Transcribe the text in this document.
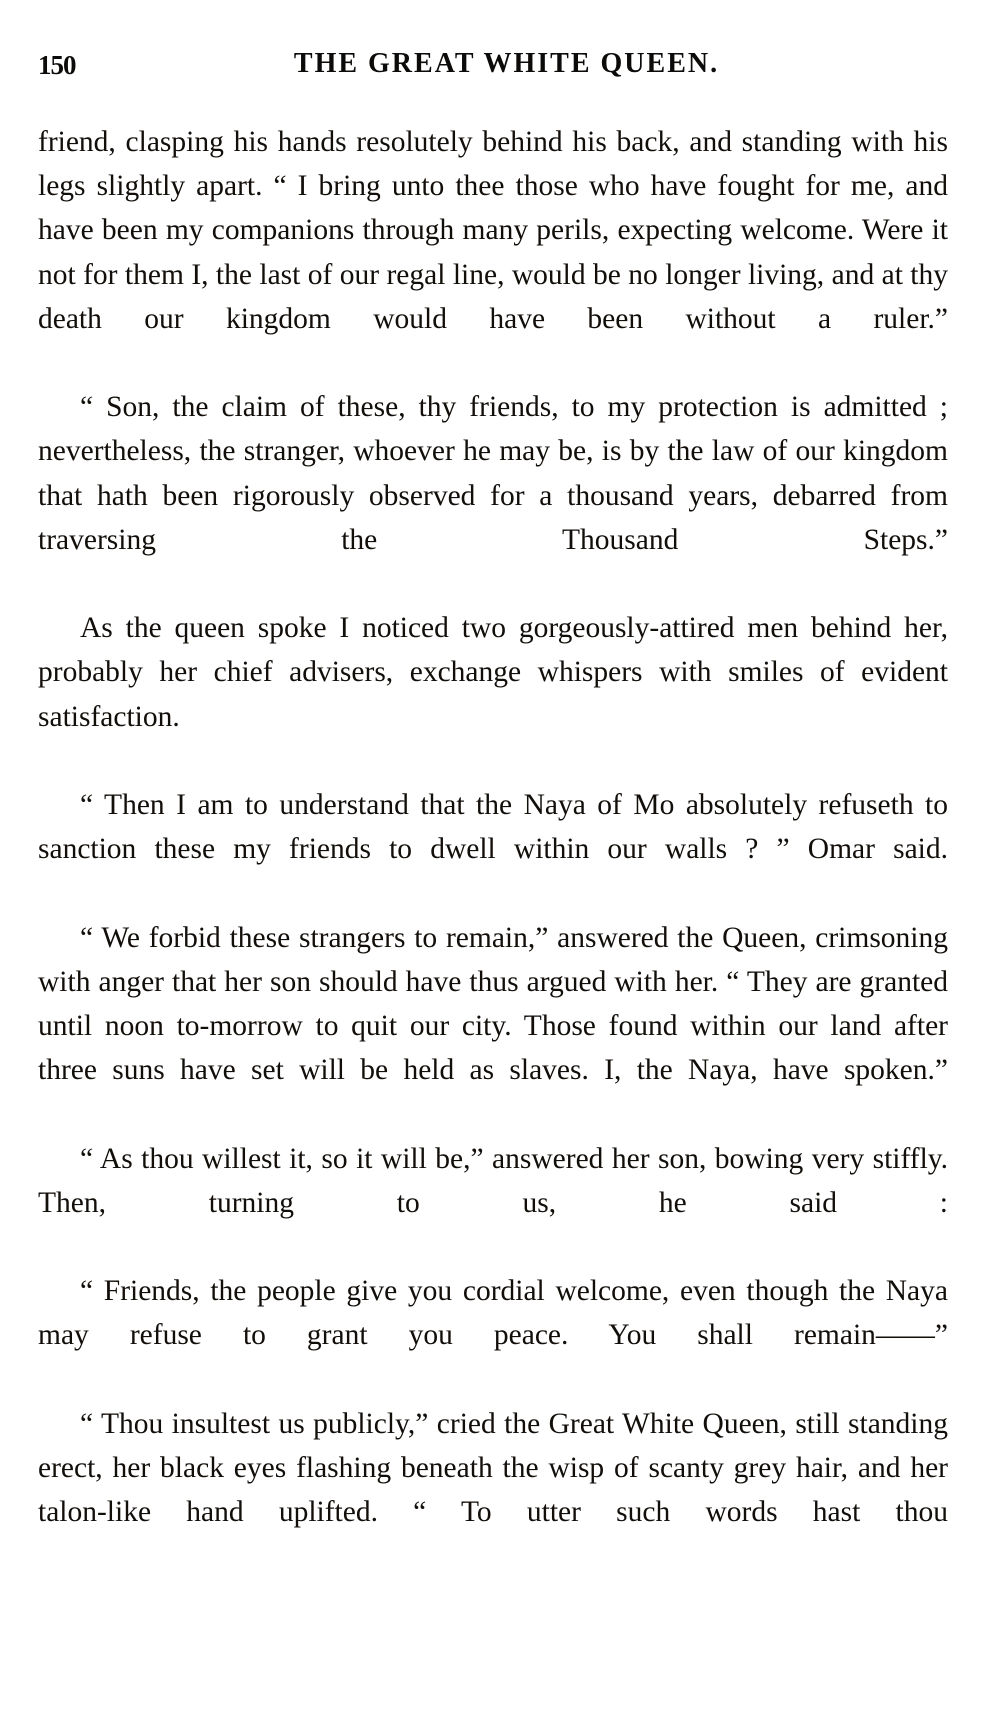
150	THE GREAT WHITE QUEEN.

friend, clasping his hands resolutely behind his back, and standing with his legs slightly apart. “ I bring unto thee those who have fought for me, and have been my companions through many perils, expecting welcome. Were it not for them I, the last of our regal line, would be no longer living, and at thy death our kingdom would have been without a ruler.”

“ Son, the claim of these, thy friends, to my protection is admitted ; nevertheless, the stranger, whoever he may be, is by the law of our kingdom that hath been rigorously observed for a thousand years, debarred from traversing the Thousand Steps.”

As the queen spoke I noticed two gorgeously-attired men behind her, probably her chief advisers, exchange whispers with smiles of evident satisfaction.

“ Then I am to understand that the Naya of Mo absolutely refuseth to sanction these my friends to dwell within our walls ? ” Omar said.

“ We forbid these strangers to remain,” answered the Queen, crimsoning with anger that her son should have thus argued with her. “ They are granted until noon to-morrow to quit our city. Those found within our land after three suns have set will be held as slaves. I, the Naya, have spoken.”

“ As thou willest it, so it will be,” answered her son, bowing very stiffly. Then, turning to us, he said :

“ Friends, the people give you cordial welcome, even though the Naya may refuse to grant you peace. You shall remain——”

“ Thou insultest us publicly,” cried the Great White Queen, still standing erect, her black eyes flashing beneath the wisp of scanty grey hair, and her talon-like hand uplifted. “ To utter such words hast thou
